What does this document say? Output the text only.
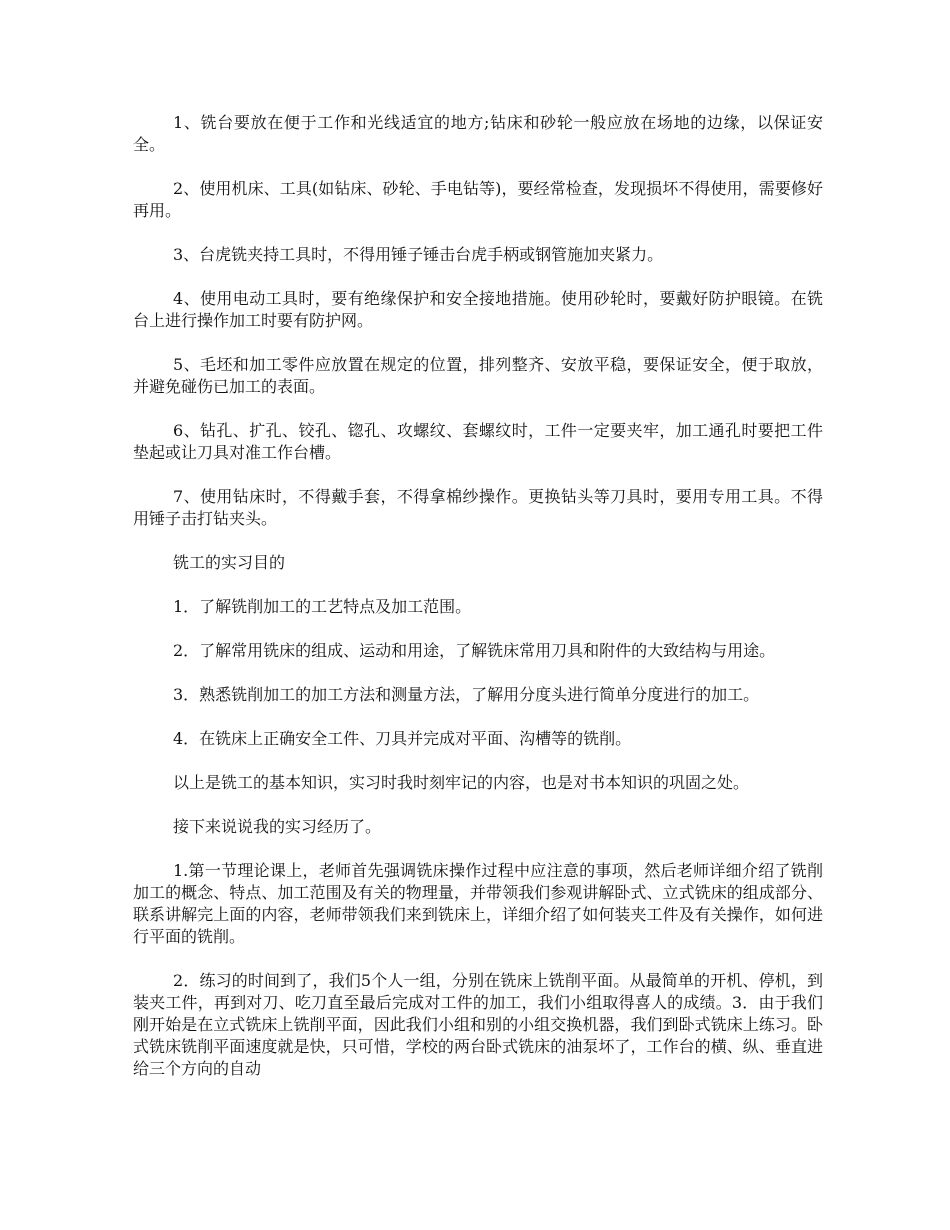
1、铣台要放在便于工作和光线适宜的地方;钻床和砂轮一般应放在场地的边缘，以保证安全。

2、使用机床、工具(如钻床、砂轮、手电钻等)，要经常检查，发现损坏不得使用，需要修好再用。

3、台虎铣夹持工具时，不得用锤子锤击台虎手柄或钢管施加夹紧力。

4、使用电动工具时，要有绝缘保护和安全接地措施。使用砂轮时，要戴好防护眼镜。在铣台上进行操作加工时要有防护网。

5、毛坯和加工零件应放置在规定的位置，排列整齐、安放平稳，要保证安全，便于取放，并避免碰伤已加工的表面。

6、钻孔、扩孔、铰孔、锪孔、攻螺纹、套螺纹时，工件一定要夹牢，加工通孔时要把工件垫起或让刀具对准工作台槽。

7、使用钻床时，不得戴手套，不得拿棉纱操作。更换钻头等刀具时，要用专用工具。不得用锤子击打钻夹头。

铣工的实习目的

1．了解铣削加工的工艺特点及加工范围。

2．了解常用铣床的组成、运动和用途，了解铣床常用刀具和附件的大致结构与用途。

3．熟悉铣削加工的加工方法和测量方法，了解用分度头进行简单分度进行的加工。

4．在铣床上正确安全工件、刀具并完成对平面、沟槽等的铣削。

以上是铣工的基本知识，实习时我时刻牢记的内容，也是对书本知识的巩固之处。

接下来说说我的实习经历了。

1.第一节理论课上，老师首先强调铣床操作过程中应注意的事项，然后老师详细介绍了铣削加工的概念、特点、加工范围及有关的物理量，并带领我们参观讲解卧式、立式铣床的组成部分、联系讲解完上面的内容，老师带领我们来到铣床上，详细介绍了如何装夹工件及有关操作，如何进行平面的铣削。

2．练习的时间到了，我们5个人一组，分别在铣床上铣削平面。从最简单的开机、停机，到装夹工件，再到对刀、吃刀直至最后完成对工件的加工，我们小组取得喜人的成绩。3．由于我们刚开始是在立式铣床上铣削平面，因此我们小组和别的小组交换机器，我们到卧式铣床上练习。卧式铣床铣削平面速度就是快，只可惜，学校的两台卧式铣床的油泵坏了，工作台的横、纵、垂直进给三个方向的自动
